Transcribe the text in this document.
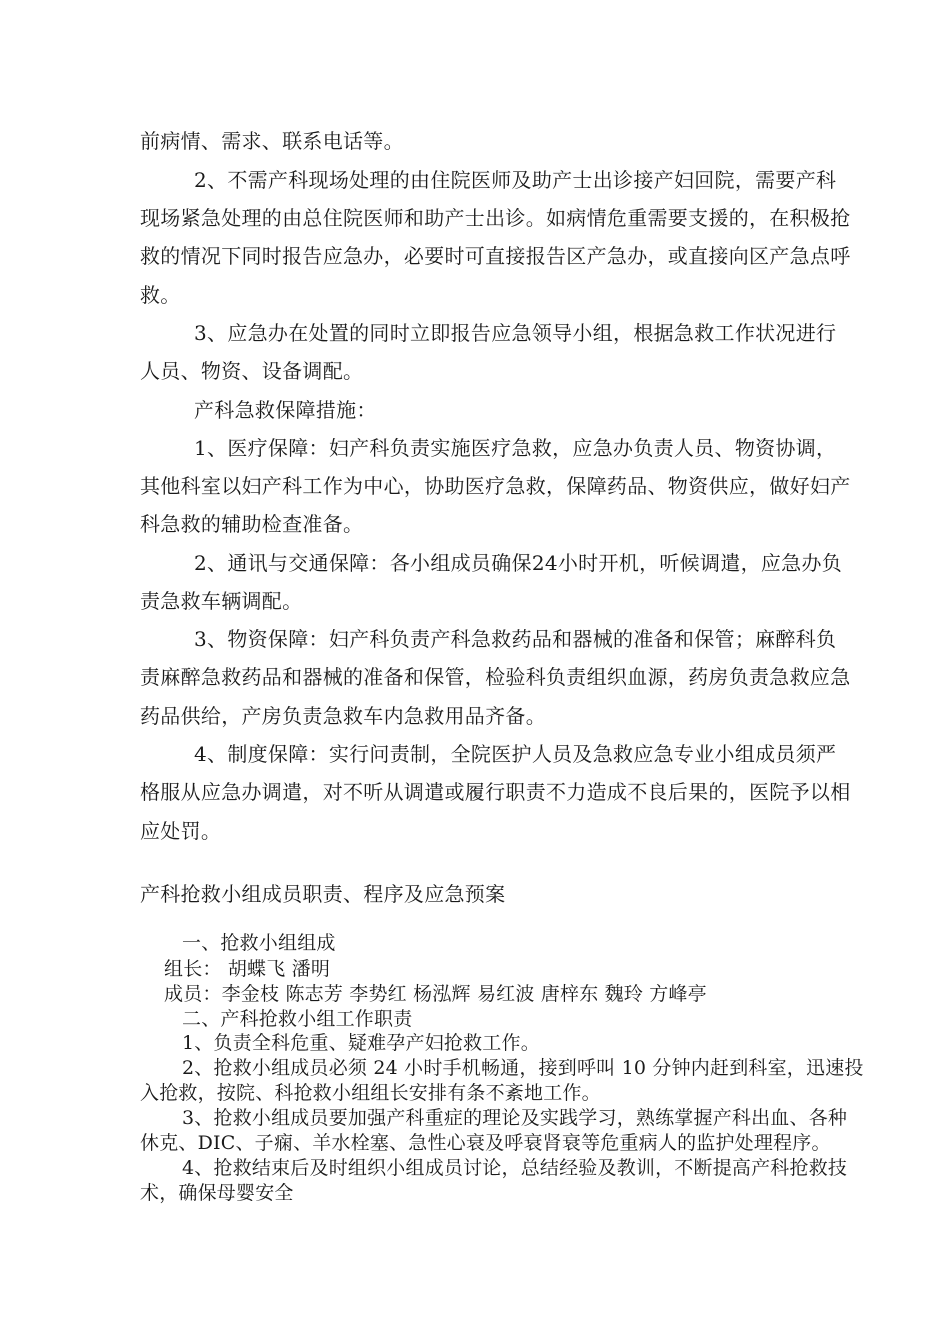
前病情、需求、联系电话等。

2、不需产科现场处理的由住院医师及助产士出诊接产妇回院，需要产科

现场紧急处理的由总住院医师和助产士出诊。如病情危重需要支援的，在积极抢

救的情况下同时报告应急办，必要时可直接报告区产急办，或直接向区产急点呼

救。

3、应急办在处置的同时立即报告应急领导小组，根据急救工作状况进行

人员、物资、设备调配。

产科急救保障措施：

1、医疗保障：妇产科负责实施医疗急救，应急办负责人员、物资协调，

其他科室以妇产科工作为中心，协助医疗急救，保障药品、物资供应，做好妇产

科急救的辅助检查准备。

2、通讯与交通保障：各小组成员确保24小时开机，听候调遣，应急办负

责急救车辆调配。

3、物资保障：妇产科负责产科急救药品和器械的准备和保管；麻醉科负

责麻醉急救药品和器械的准备和保管，检验科负责组织血源，药房负责急救应急

药品供给，产房负责急救车内急救用品齐备。

4、制度保障：实行问责制，全院医护人员及急救应急专业小组成员须严

格服从应急办调遣，对不听从调遣或履行职责不力造成不良后果的，医院予以相

应处罚。

产科抢救小组成员职责、程序及应急预案

一、抢救小组组成

组长： 胡蝶飞 潘明

成员：李金枝 陈志芳 李势红 杨泓辉 易红波 唐梓东 魏玲 方峰亭

二、产科抢救小组工作职责

1、负责全科危重、疑难孕产妇抢救工作。

2、抢救小组成员必须 24 小时手机畅通，接到呼叫 10 分钟内赶到科室，迅速投

入抢救，按院、科抢救小组组长安排有条不紊地工作。

3、抢救小组成员要加强产科重症的理论及实践学习，熟练掌握产科出血、各种

休克、DIC、子痫、羊水栓塞、急性心衰及呼衰肾衰等危重病人的监护处理程序。

4、抢救结束后及时组织小组成员讨论，总结经验及教训，不断提高产科抢救技

术，确保母婴安全
